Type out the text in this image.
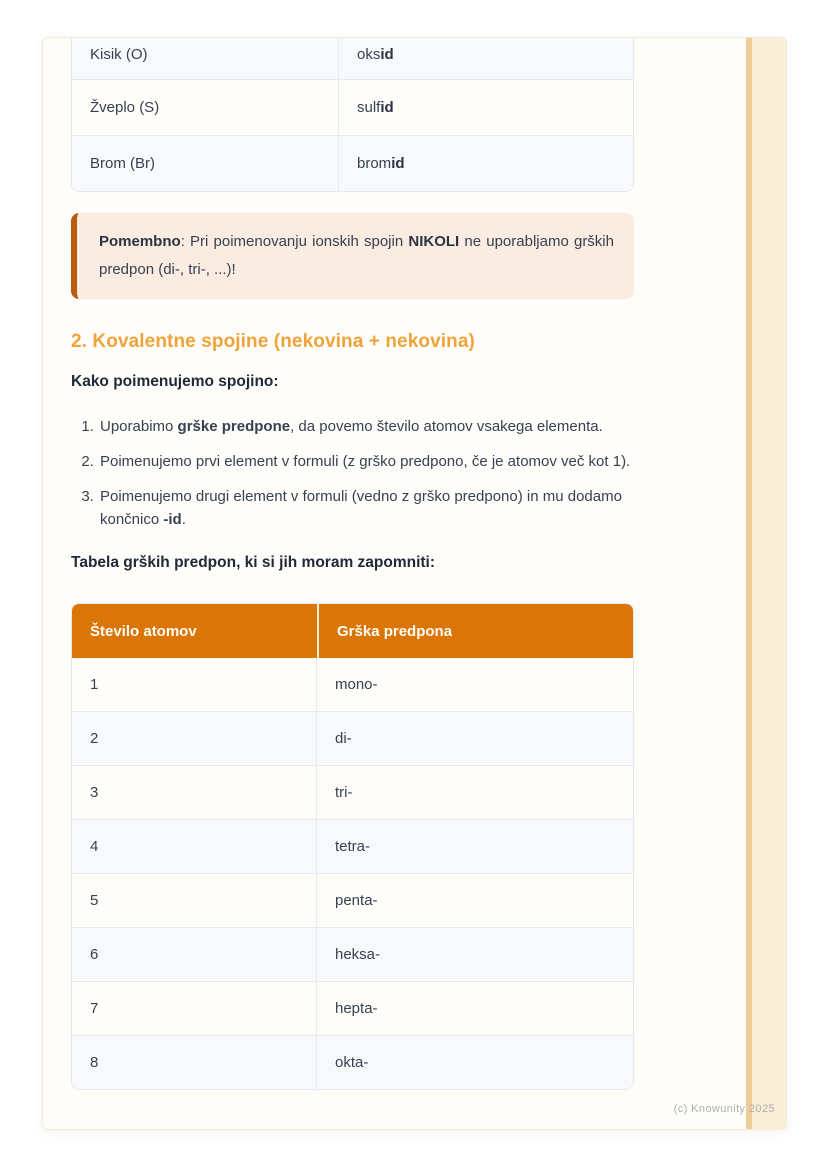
Kisik (O)	oksid
Žveplo (S)	sulfid
Brom (Br)	bromid
Pomembno: Pri poimenovanju ionskih spojin NIKOLI ne uporabljamo grških predpon (di-, tri-, ...)!
2. Kovalentne spojine (nekovina + nekovina)

Kako poimenujemo spojino:

1. Uporabimo grške predpone, da povemo število atomov vsakega elementa.
2. Poimenujemo prvi element v formuli (z grško predpono, če je atomov več kot 1).
3. Poimenujemo drugi element v formuli (vedno z grško predpono) in mu dodamo končnico -id.

Tabela grških predpon, ki si jih moram zapomniti:

Število atomov	Grška predpona
1	mono-
2	di-
3	tri-
4	tetra-
5	penta-
6	heksa-
7	hepta-
8	okta-
(c) Knowunity 2025
